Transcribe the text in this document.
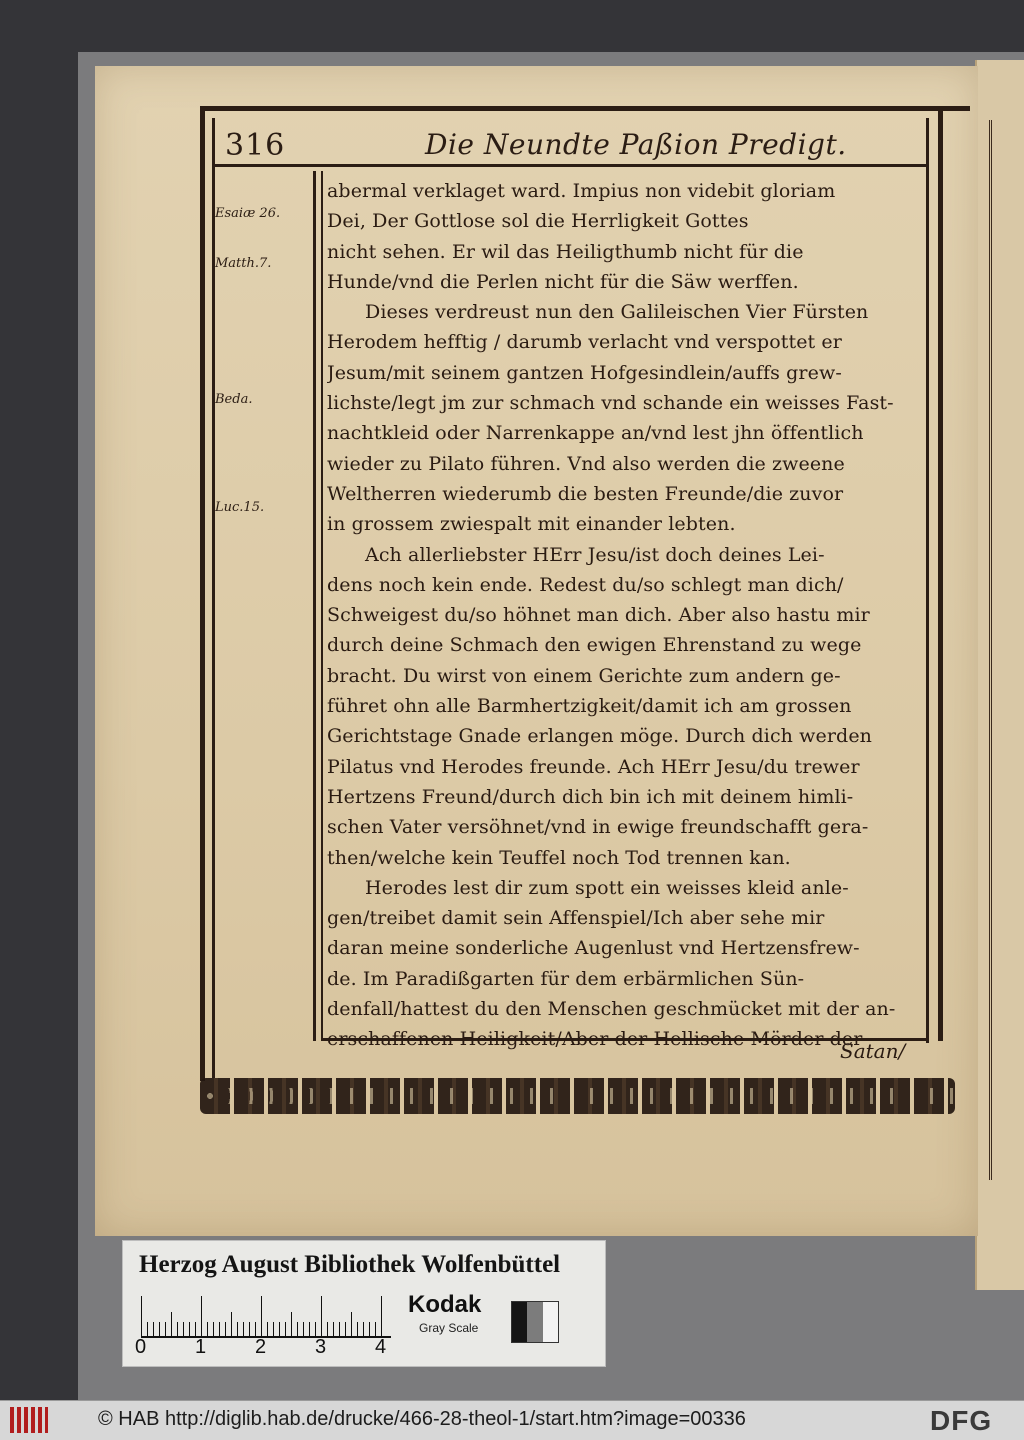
316	Die Neundte Paßion Predigt.
Esaiæ 26.
Matth.7.
Beda.
Luc.15.
abermal verklaget ward. Impius non videbit gloriam
Dei, Der Gottlose sol die Herrligkeit Gottes
nicht sehen. Er wil das Heiligthumb nicht für die
Hunde/vnd die Perlen nicht für die Säw werffen.
Dieses verdreust nun den Galileischen Vier Fürsten
Herodem hefftig / darumb verlacht vnd verspottet er
Jesum/mit seinem gantzen Hofgesindlein/auffs grew-
lichste/legt jm zur schmach vnd schande ein weisses Fast-
nachtkleid oder Narrenkappe an/vnd lest jhn öffentlich
wieder zu Pilato führen. Vnd also werden die zweene
Weltherren wiederumb die besten Freunde/die zuvor
in grossem zwiespalt mit einander lebten.
Ach allerliebster HErr Jesu/ist doch deines Lei-
dens noch kein ende. Redest du/so schlegt man dich/
Schweigest du/so höhnet man dich. Aber also hastu mir
durch deine Schmach den ewigen Ehrenstand zu wege
bracht. Du wirst von einem Gerichte zum andern ge-
führet ohn alle Barmhertzigkeit/damit ich am grossen
Gerichtstage Gnade erlangen möge. Durch dich werden
Pilatus vnd Herodes freunde. Ach HErr Jesu/du trewer
Hertzens Freund/durch dich bin ich mit deinem himli-
schen Vater versöhnet/vnd in ewige freundschafft gera-
then/welche kein Teuffel noch Tod trennen kan.
Herodes lest dir zum spott ein weisses kleid anle-
gen/treibet damit sein Affenspiel/Ich aber sehe mir
daran meine sonderliche Augenlust vnd Hertzensfrew-
de. Im Paradißgarten für dem erbärmlichen Sün-
denfall/hattest du den Menschen geschmücket mit der an-
erschaffenen Heiligkeit/Aber der Hellische Mörder der
Satan/
Herzog August Bibliothek Wolfenbüttel
0 1 2 3 4
Kodak
Gray Scale
© HAB http://diglib.hab.de/drucke/466-28-theol-1/start.htm?image=00336	DFG
